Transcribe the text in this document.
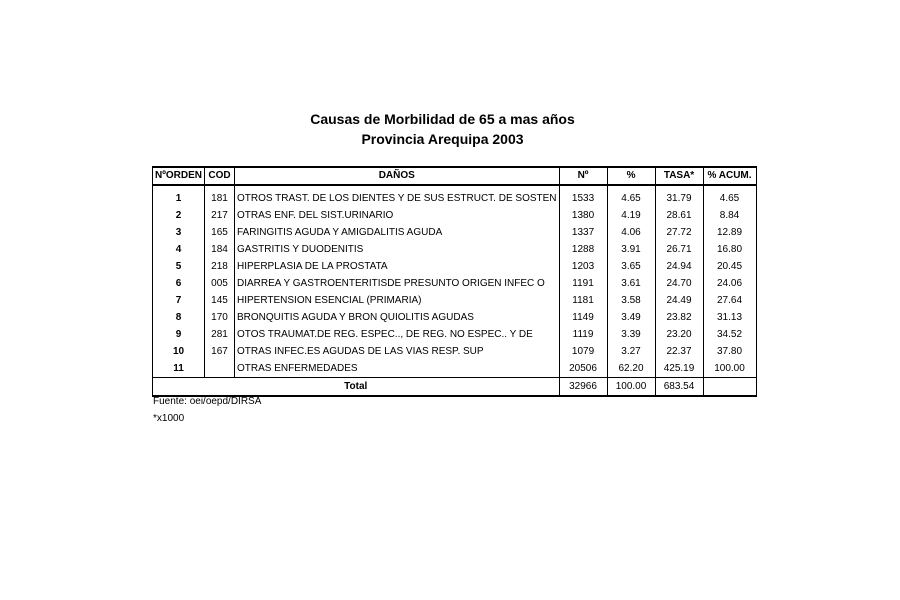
Causas de Morbilidad de 65 a mas años
Provincia Arequipa 2003
NºORDEN	COD	DAÑOS	Nº	%	TASA*	% ACUM.
1	181	OTROS TRAST. DE LOS DIENTES Y DE SUS ESTRUCT. DE SOSTEN	1533	4.65	31.79	4.65
2	217	OTRAS ENF. DEL SIST.URINARIO	1380	4.19	28.61	8.84
3	165	FARINGITIS AGUDA Y AMIGDALITIS AGUDA	1337	4.06	27.72	12.89
4	184	GASTRITIS Y DUODENITIS	1288	3.91	26.71	16.80
5	218	HIPERPLASIA DE LA PROSTATA	1203	3.65	24.94	20.45
6	005	DIARREA Y GASTROENTERITISDE PRESUNTO ORIGEN INFEC O	1191	3.61	24.70	24.06
7	145	HIPERTENSION ESENCIAL (PRIMARIA)	1181	3.58	24.49	27.64
8	170	BRONQUITIS AGUDA Y BRON QUIOLITIS AGUDAS	1149	3.49	23.82	31.13
9	281	OTOS TRAUMAT.DE REG. ESPEC.., DE REG. NO ESPEC.. Y DE	1119	3.39	23.20	34.52
10	167	OTRAS INFEC.ES AGUDAS DE LAS VIAS RESP. SUP	1079	3.27	22.37	37.80
11		OTRAS ENFERMEDADES	20506	62.20	425.19	100.00
Total			32966	100.00	683.54	
Fuente: oei/oepd/DIRSA
*x1000
